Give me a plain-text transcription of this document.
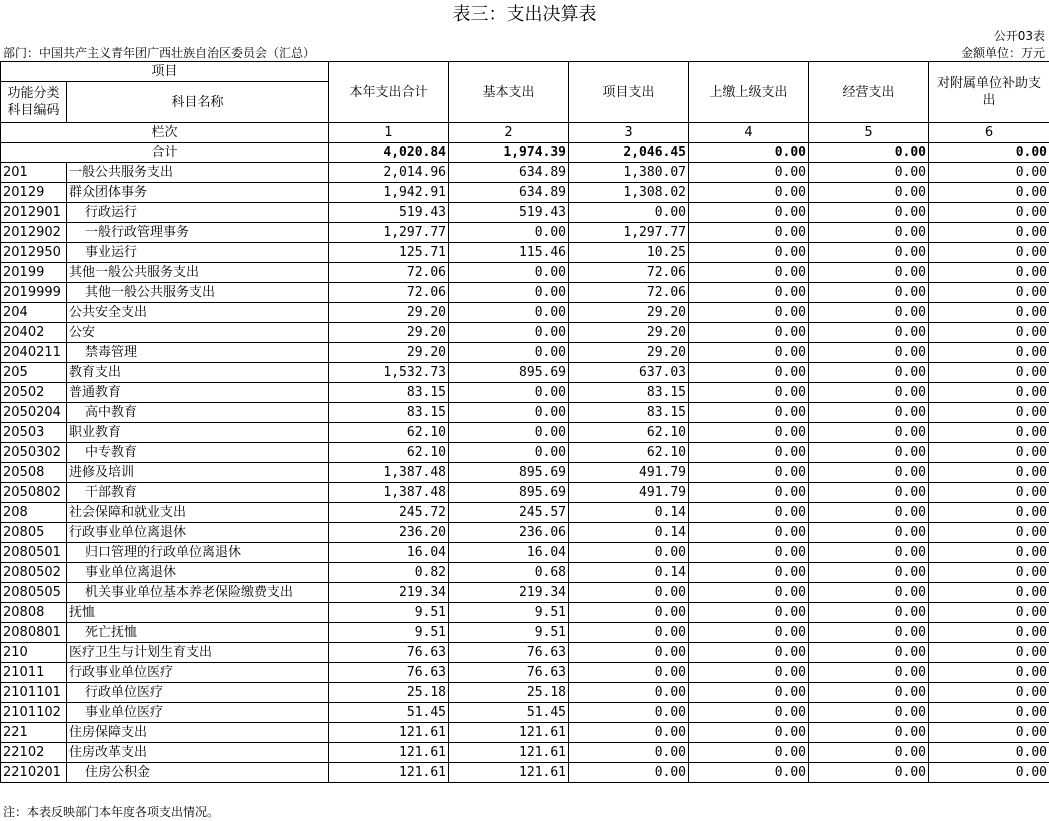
表三：支出决算表
公开03表
部门：中国共产主义青年团广西壮族自治区委员会（汇总）	金额单位：万元
项目		本年支出合计	基本支出	项目支出	上缴上级支出	经营支出	对附属单位补助支出
功能分类
科目编码	科目名称						
栏次		1	2	3	4	5	6
合计		4,020.84	1,974.39	2,046.45	0.00	0.00	0.00
201	一般公共服务支出	2,014.96	634.89	1,380.07	0.00	0.00	0.00
20129	群众团体事务	1,942.91	634.89	1,308.02	0.00	0.00	0.00
2012901	行政运行	519.43	519.43	0.00	0.00	0.00	0.00
2012902	一般行政管理事务	1,297.77	0.00	1,297.77	0.00	0.00	0.00
2012950	事业运行	125.71	115.46	10.25	0.00	0.00	0.00
20199	其他一般公共服务支出	72.06	0.00	72.06	0.00	0.00	0.00
2019999	其他一般公共服务支出	72.06	0.00	72.06	0.00	0.00	0.00
204	公共安全支出	29.20	0.00	29.20	0.00	0.00	0.00
20402	公安	29.20	0.00	29.20	0.00	0.00	0.00
2040211	禁毒管理	29.20	0.00	29.20	0.00	0.00	0.00
205	教育支出	1,532.73	895.69	637.03	0.00	0.00	0.00
20502	普通教育	83.15	0.00	83.15	0.00	0.00	0.00
2050204	高中教育	83.15	0.00	83.15	0.00	0.00	0.00
20503	职业教育	62.10	0.00	62.10	0.00	0.00	0.00
2050302	中专教育	62.10	0.00	62.10	0.00	0.00	0.00
20508	进修及培训	1,387.48	895.69	491.79	0.00	0.00	0.00
2050802	干部教育	1,387.48	895.69	491.79	0.00	0.00	0.00
208	社会保障和就业支出	245.72	245.57	0.14	0.00	0.00	0.00
20805	行政事业单位离退休	236.20	236.06	0.14	0.00	0.00	0.00
2080501	归口管理的行政单位离退休	16.04	16.04	0.00	0.00	0.00	0.00
2080502	事业单位离退休	0.82	0.68	0.14	0.00	0.00	0.00
2080505	机关事业单位基本养老保险缴费支出	219.34	219.34	0.00	0.00	0.00	0.00
20808	抚恤	9.51	9.51	0.00	0.00	0.00	0.00
2080801	死亡抚恤	9.51	9.51	0.00	0.00	0.00	0.00
210	医疗卫生与计划生育支出	76.63	76.63	0.00	0.00	0.00	0.00
21011	行政事业单位医疗	76.63	76.63	0.00	0.00	0.00	0.00
2101101	行政单位医疗	25.18	25.18	0.00	0.00	0.00	0.00
2101102	事业单位医疗	51.45	51.45	0.00	0.00	0.00	0.00
221	住房保障支出	121.61	121.61	0.00	0.00	0.00	0.00
22102	住房改革支出	121.61	121.61	0.00	0.00	0.00	0.00
2210201	住房公积金	121.61	121.61	0.00	0.00	0.00	0.00
注：本表反映部门本年度各项支出情况。
